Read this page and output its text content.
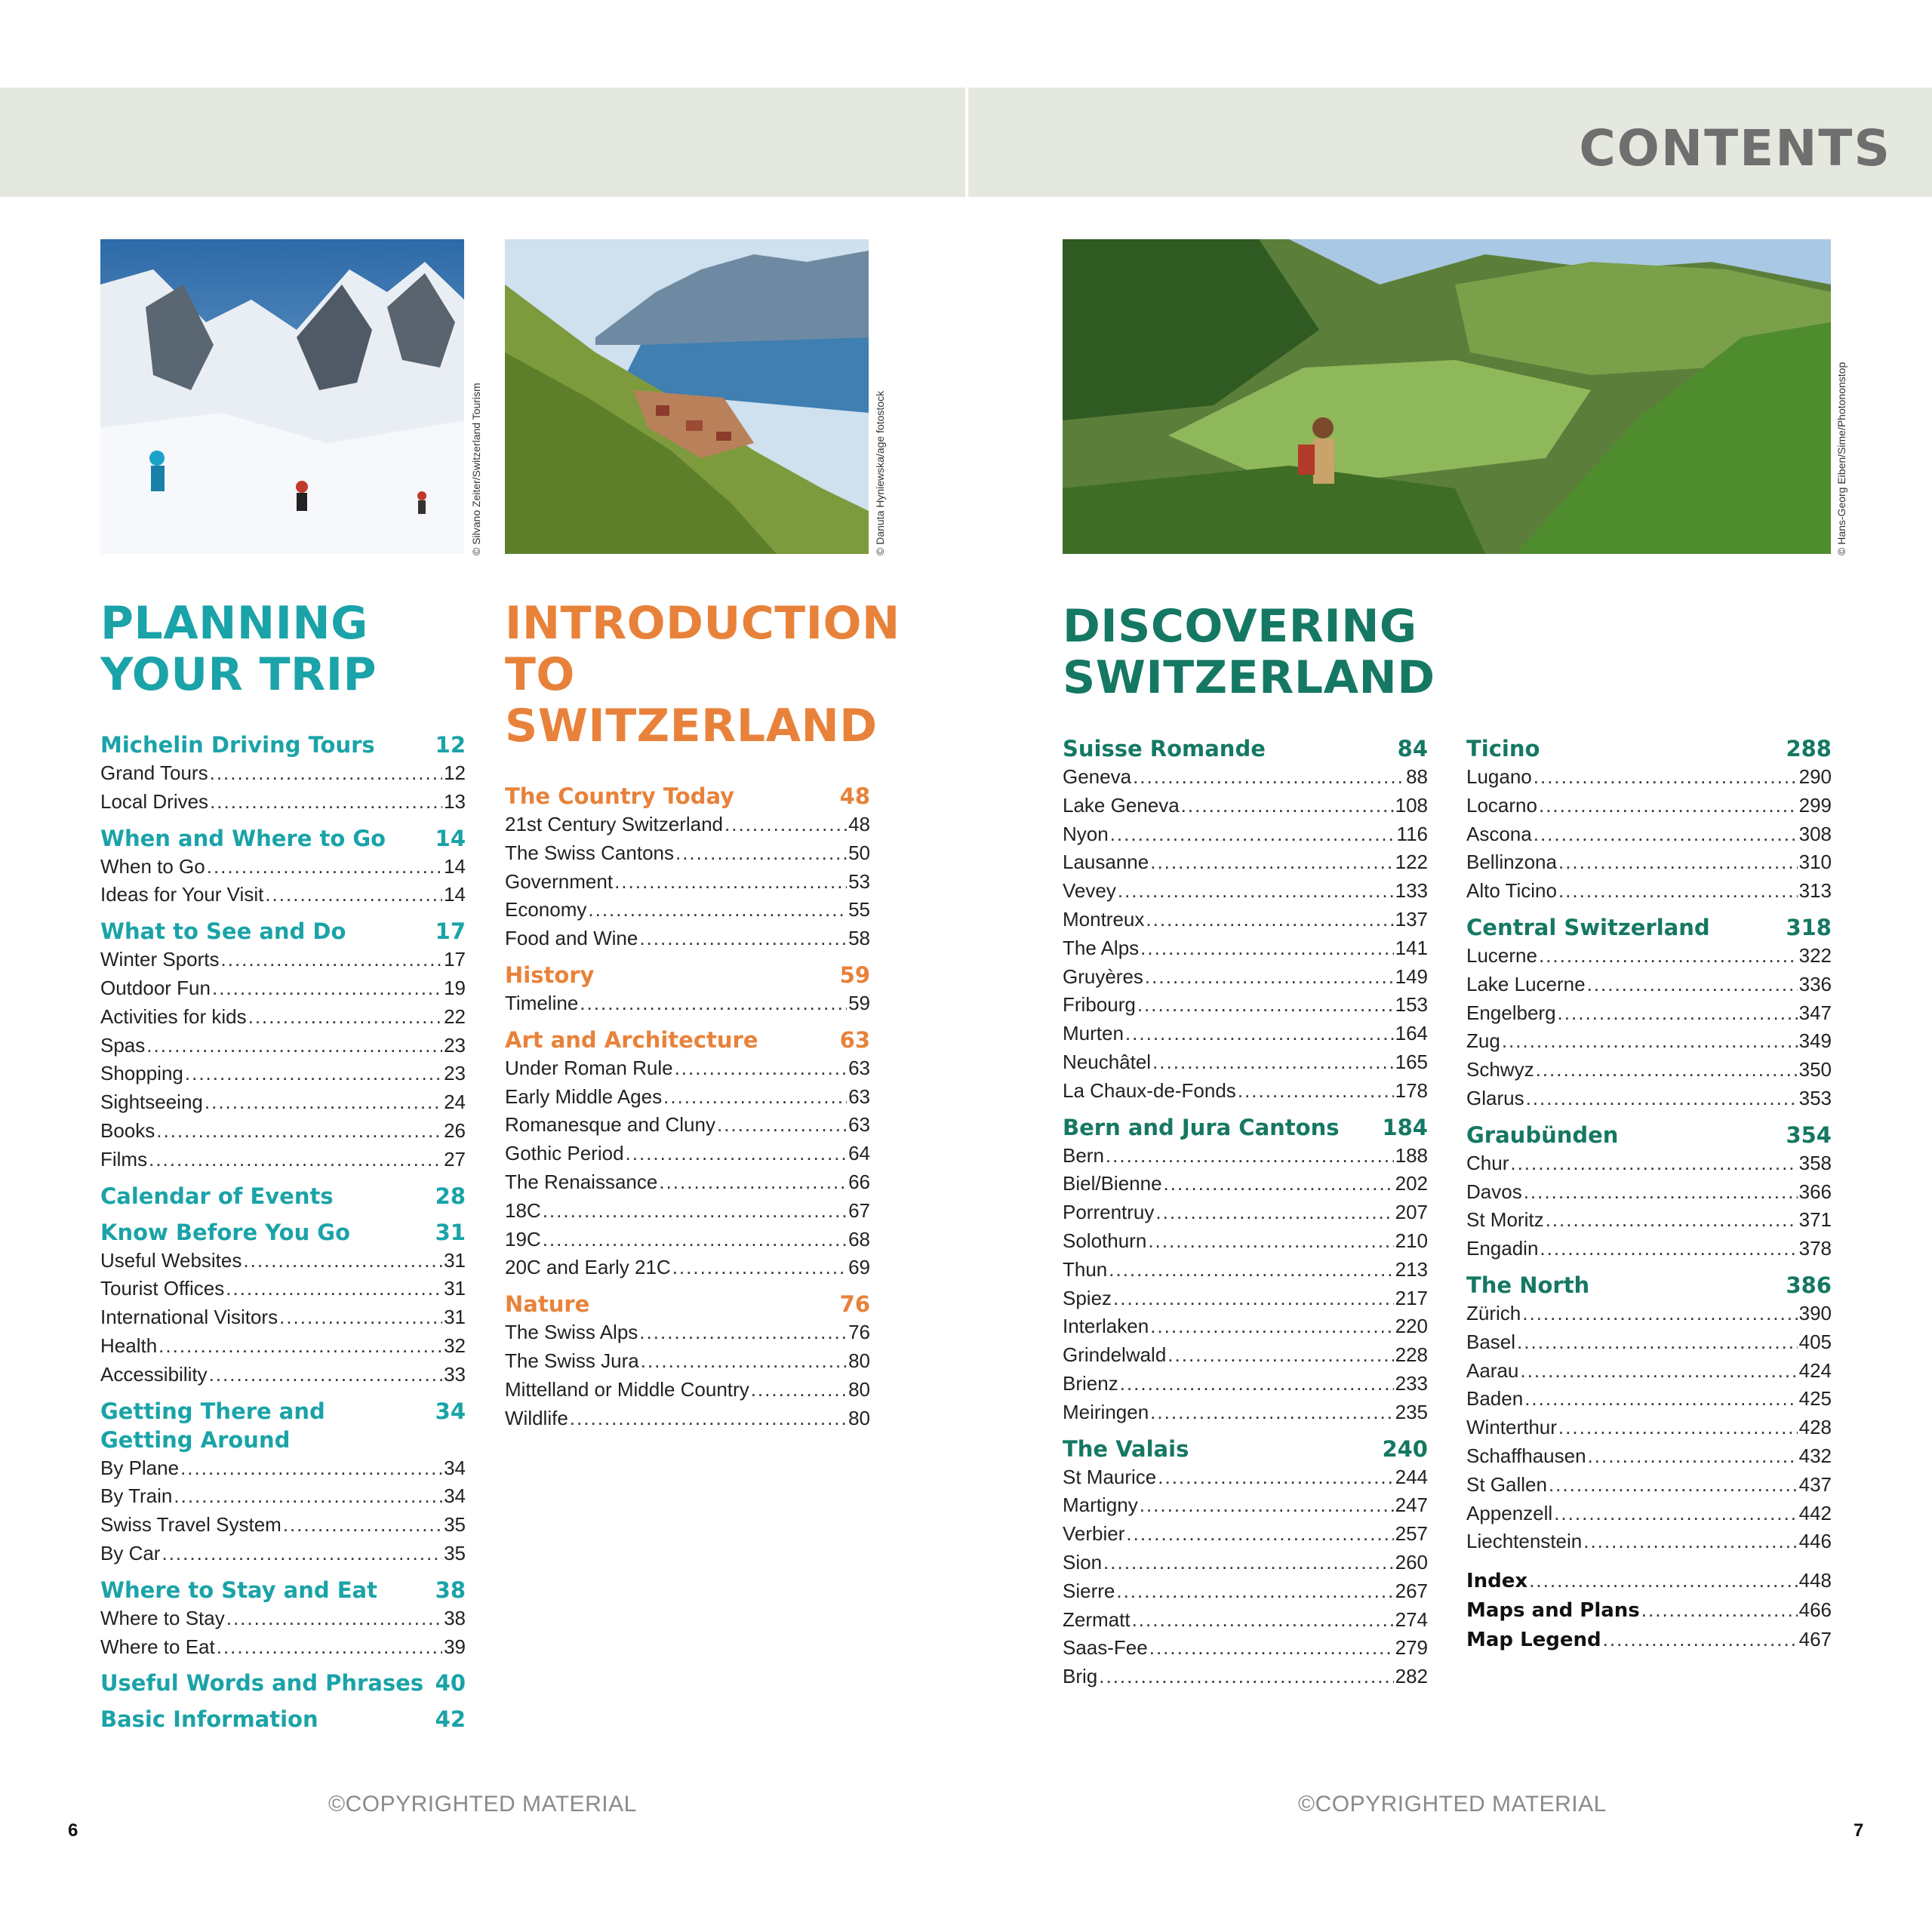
CONTENTS
© Silvano Zeiter/Switzerland Tourism	© Danuta Hyniewska/age fotostock	© Hans-Georg Eiben/Sime/Photononstop
PLANNING
YOUR TRIP
Michelin Driving Tours	12
Grand Tours .....	12
Local Drives .....	13
When and Where to Go 14
When to Go .....	14
Ideas for Your Visit .....	14
What to See and Do	17
Winter Sports .....	17
Outdoor Fun .....	19
Activities for kids .....	22
Spas .....	23
Shopping .....	23
Sightseeing .....	24
Books .....	26
Films .....	27
Calendar of Events	28
Know Before You Go	31
Useful Websites .....	31
Tourist Offices .....	31
International Visitors .....	31
Health .....	32
Accessibility .....	33
Getting There and
Getting Around
34
By Plane .....	34
By Train .....	34
Swiss Travel System .....	35
By Car .....	35
Where to Stay and Eat	38
Where to Stay .....	38
Where to Eat .....	39
Useful Words and Phrases 40
Basic Information	42
INTRODUCTION
TO SWITZERLAND
The Country Today	48
21st Century Switzerland .....	48
The Swiss Cantons .....	50
Government .....	53
Economy .....	55
Food and Wine .....	58
History	59
Timeline .....	59
Art and Architecture	63
Under Roman Rule .....	63
Early Middle Ages .....	63
Romanesque and Cluny .....	63
Gothic Period .....	64
The Renaissance .....	66
18C .....	67
19C .....	68
20C and Early 21C .....	69
Nature	76
The Swiss Alps .....	76
The Swiss Jura .....	80
Mittelland or Middle Country .....	80
Wildlife .....	80
DISCOVERING
SWITZERLAND
Suisse Romande	84
Geneva .....	88
Lake Geneva .....	108
Nyon .....	116
Lausanne .....	122
Vevey .....	133
Montreux .....	137
The Alps .....	141
Gruyères .....	149
Fribourg .....	153
Murten .....	164
Neuchâtel .....	165
La Chaux-de-Fonds .....	178
Bern and Jura Cantons 184
Bern .....	188
Biel/Bienne .....	202
Porrentruy .....	207
Solothurn .....	210
Thun .....	213
Spiez .....	217
Interlaken .....	220
Grindelwald .....	228
Brienz .....	233
Meiringen .....	235
The Valais	240
St Maurice .....	244
Martigny .....	247
Verbier .....	257
Sion .....	260
Sierre .....	267
Zermatt .....	274
Saas-Fee .....	279
Brig .....	282
Ticino	288
Lugano .....	290
Locarno .....	299
Ascona .....	308
Bellinzona .....	310
Alto Ticino .....	313
Central Switzerland	318
Lucerne .....	322
Lake Lucerne .....	336
Engelberg .....	347
Zug .....	349
Schwyz .....	350
Glarus .....	353
Graubünden	354
Chur .....	358
Davos .....	366
St Moritz .....	371
Engadin .....	378
The North	386
Zürich .....	390
Basel .....	405
Aarau .....	424
Baden .....	425
Winterthur .....	428
Schaffhausen .....	432
St Gallen .....	437
Appenzell .....	442
Liechtenstein .....	446
Index .....	448
Maps and Plans .....	466
Map Legend .....	467
©COPYRIGHTED MATERIAL	©COPYRIGHTED MATERIAL
6	7
